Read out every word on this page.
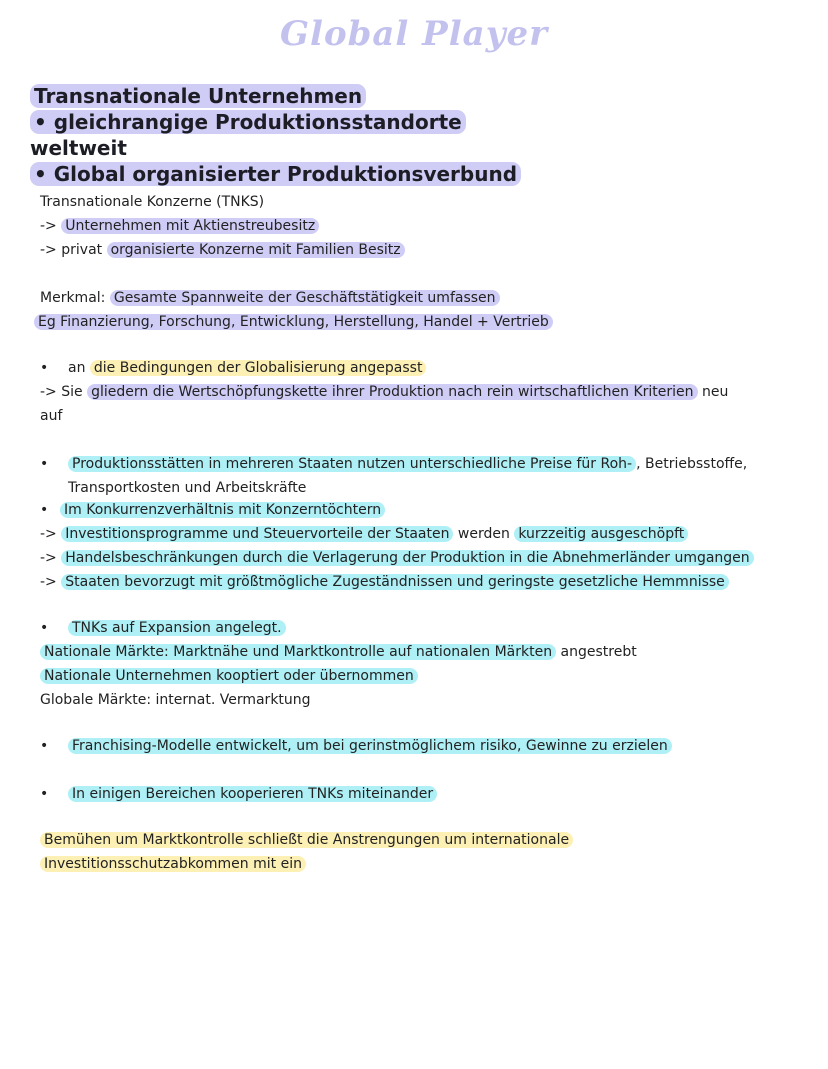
Global Player
Transnationale Unternehmen
• gleichrangige Produktionsstandorte
weltweit
• Global organisierter Produktionsverbund
Transnationale Konzerne (TNKS)
-> Unternehmen mit Aktienstreubesitz
-> privat organisierte Konzerne mit Familien Besitz
Merkmal: Gesamte Spannweite der Geschäftstätigkeit umfassen
Eg Finanzierung, Forschung, Entwicklung, Herstellung, Handel + Vertrieb
• an die Bedingungen der Globalisierung angepasst
-> Sie gliedern die Wertschöpfungskette ihrer Produktion nach rein wirtschaftlichen Kriterien neu
auf
• Produktionsstätten in mehreren Staaten nutzen unterschiedliche Preise für Roh- , Betriebsstoffe,
Transportkosten und Arbeitskräfte
• Im Konkurrenzverhältnis mit Konzerntöchtern
-> Investitionsprogramme und Steuervorteile der Staaten werden kurzzeitig ausgeschöpft
-> Handelsbeschränkungen durch die Verlagerung der Produktion in die Abnehmerländer umgangen
-> Staaten bevorzugt mit größtmögliche Zugeständnissen und geringste gesetzliche Hemmnisse
• TNKs auf Expansion angelegt.
Nationale Märkte: Marktnähe und Marktkontrolle auf nationalen Märkten angestrebt
Nationale Unternehmen kooptiert oder übernommen
Globale Märkte: internat. Vermarktung
• Franchising-Modelle entwickelt, um bei gerinstmöglichem risiko, Gewinne zu erzielen
• In einigen Bereichen kooperieren TNKs miteinander
Bemühen um Marktkontrolle schließt die Anstrengungen um internationale
Investitionsschutzabkommen mit ein
